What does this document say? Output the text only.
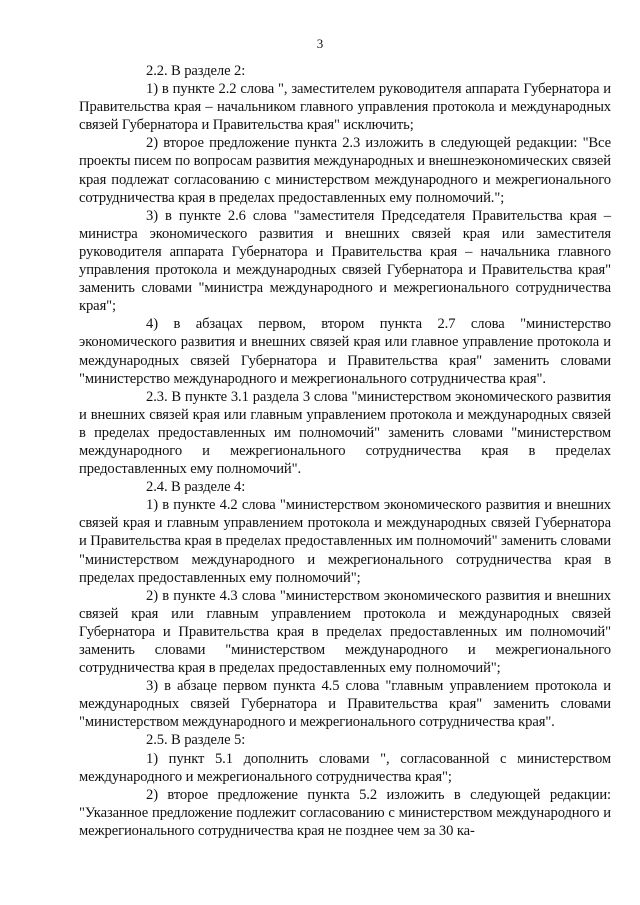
3

2.2. В разделе 2:

1) в пункте 2.2 слова ", заместителем руководителя аппарата Губернатора и Правительства края – начальником главного управления протокола и международных связей Губернатора и Правительства края" исключить;

2) второе предложение пункта 2.3 изложить в следующей редакции: "Все проекты писем по вопросам развития международных и внешнеэкономических связей края подлежат согласованию с министерством международного и межрегионального сотрудничества края в пределах предоставленных ему полномочий.";

3) в пункте 2.6 слова "заместителя Председателя Правительства края – министра экономического развития и внешних связей края или заместителя руководителя аппарата Губернатора и Правительства края – начальника главного управления протокола и международных связей Губернатора и Правительства края" заменить словами "министра международного и межрегионального сотрудничества края";

4) в абзацах первом, втором пункта 2.7 слова "министерство экономического развития и внешних связей края или главное управление протокола и международных связей Губернатора и Правительства края" заменить словами "министерство международного и межрегионального сотрудничества края".

2.3. В пункте 3.1 раздела 3 слова "министерством экономического развития и внешних связей края или главным управлением протокола и международных связей в пределах предоставленных им полномочий" заменить словами "министерством международного и межрегионального сотрудничества края в пределах предоставленных ему полномочий".

2.4. В разделе 4:

1) в пункте 4.2 слова "министерством экономического развития и внешних связей края и главным управлением протокола и международных связей Губернатора и Правительства края в пределах предоставленных им полномочий" заменить словами "министерством международного и межрегионального сотрудничества края в пределах предоставленных ему полномочий";

2) в пункте 4.3 слова "министерством экономического развития и внешних связей края или главным управлением протокола и международных связей Губернатора и Правительства края в пределах предоставленных им полномочий" заменить словами "министерством международного и межрегионального сотрудничества края в пределах предоставленных ему полномочий";

3) в абзаце первом пункта 4.5 слова "главным управлением протокола и международных связей Губернатора и Правительства края" заменить словами "министерством международного и межрегионального сотрудничества края".

2.5. В разделе 5:

1) пункт 5.1 дополнить словами ", согласованной с министерством международного и межрегионального сотрудничества края";

2) второе предложение пункта 5.2 изложить в следующей редакции: "Указанное предложение подлежит согласованию с министерством международного и межрегионального сотрудничества края не позднее чем за 30 ка-
